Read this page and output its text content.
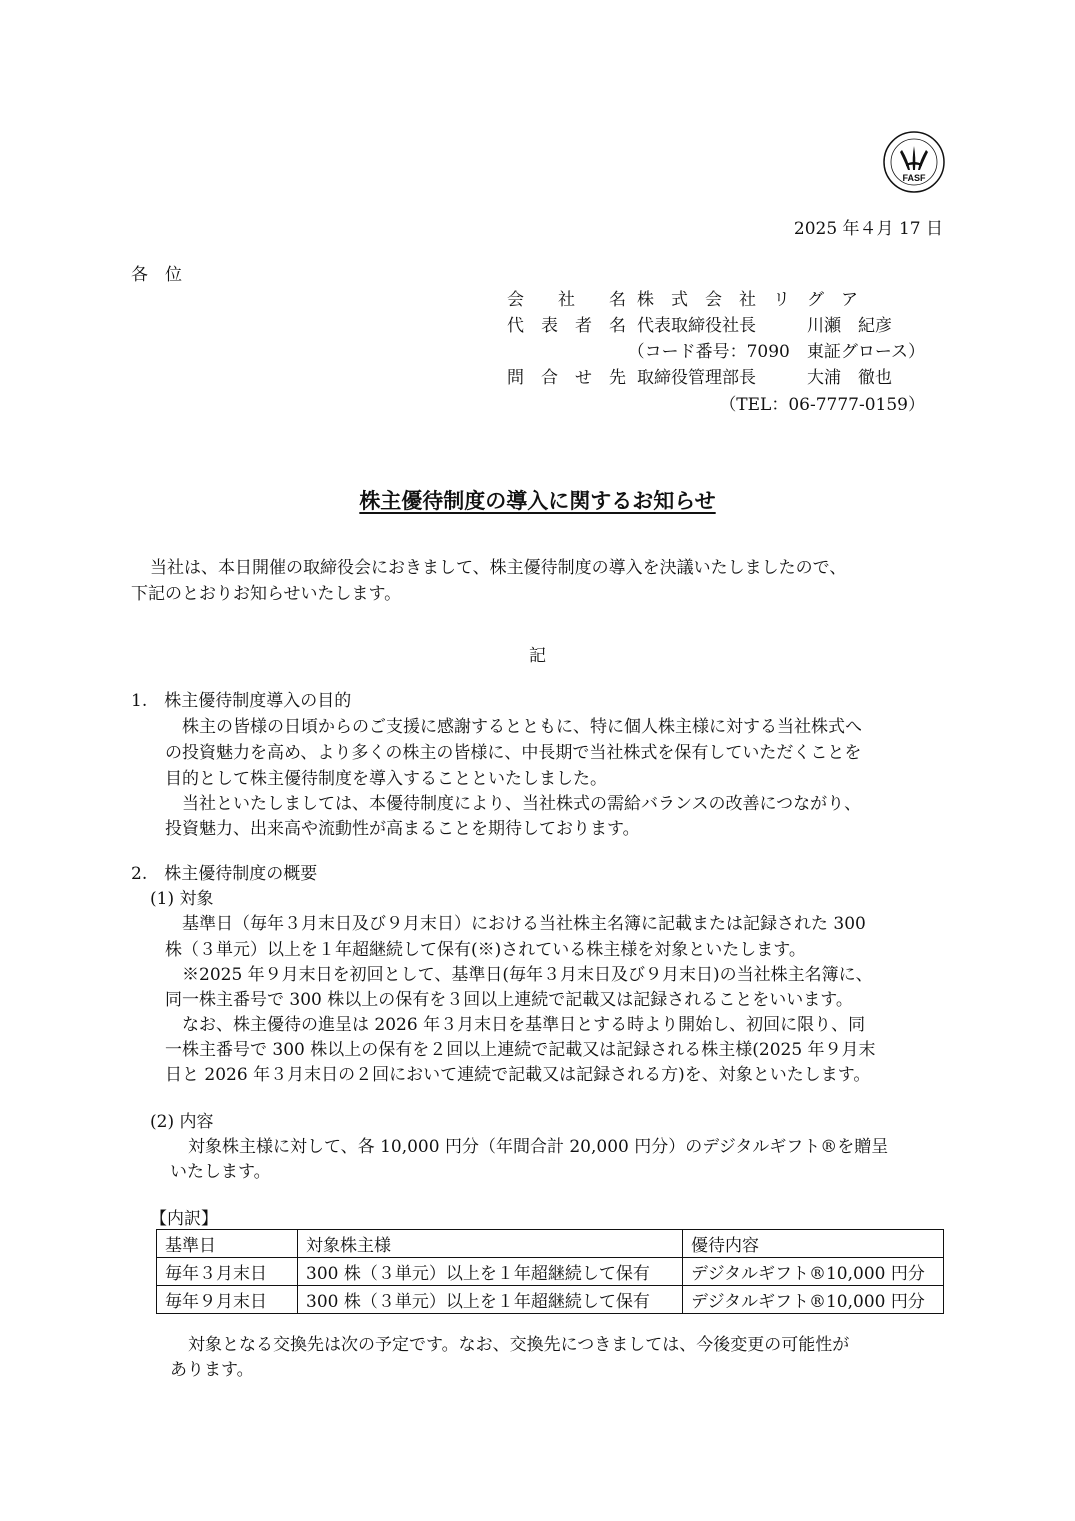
FASF
2025 年４月 17 日
各　位
会　　社　　名 株　式　会　社　リ　グ　ア
代　表　者　名 代表取締役社長　　　川瀬　紀彦
（コード番号：7090　東証グロース）
問　合　せ　先 取締役管理部長　　　大浦　徹也
（TEL：06-7777-0159）
株主優待制度の導入に関するお知らせ
当社は、本日開催の取締役会におきまして、株主優待制度の導入を決議いたしましたので、
下記のとおりお知らせいたします。
記
1.　株主優待制度導入の目的
株主の皆様の日頃からのご支援に感謝するとともに、特に個人株主様に対する当社株式へ
の投資魅力を高め、より多くの株主の皆様に、中長期で当社株式を保有していただくことを
目的として株主優待制度を導入することといたしました。
当社といたしましては、本優待制度により、当社株式の需給バランスの改善につながり、
投資魅力、出来高や流動性が高まることを期待しております。
2.　株主優待制度の概要
(1) 対象
基準日（毎年３月末日及び９月末日）における当社株主名簿に記載または記録された 300
株（３単元）以上を１年超継続して保有(※)されている株主様を対象といたします。
※2025 年９月末日を初回として、基準日(毎年３月末日及び９月末日)の当社株主名簿に、
同一株主番号で 300 株以上の保有を３回以上連続で記載又は記録されることをいいます。
なお、株主優待の進呈は 2026 年３月末日を基準日とする時より開始し、初回に限り、同
一株主番号で 300 株以上の保有を２回以上連続で記載又は記録される株主様(2025 年９月末
日と 2026 年３月末日の２回において連続で記載又は記録される方)を、対象といたします。
(2) 内容
対象株主様に対して、各 10,000 円分（年間合計 20,000 円分）のデジタルギフト®を贈呈
いたします。
【内訳】
基準日	対象株主様	優待内容
毎年３月末日	300 株（３単元）以上を１年超継続して保有	デジタルギフト®10,000 円分
毎年９月末日	300 株（３単元）以上を１年超継続して保有	デジタルギフト®10,000 円分
対象となる交換先は次の予定です。なお、交換先につきましては、今後変更の可能性が
あります。
